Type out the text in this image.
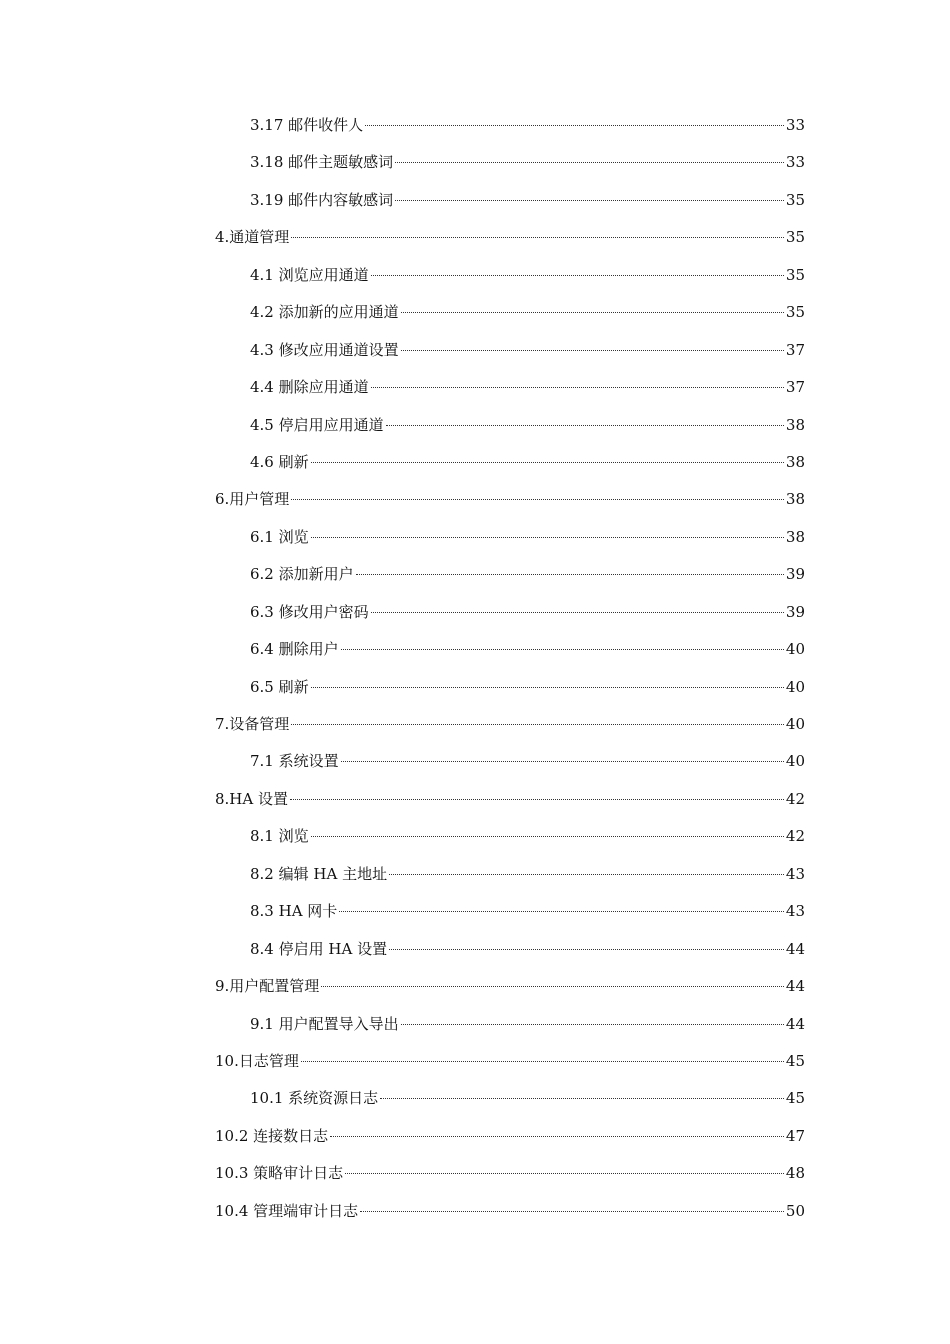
3.17 邮件收件人	33
3.18 邮件主题敏感词	33
3.19 邮件内容敏感词	35
4.通道管理	35
4.1 浏览应用通道	35
4.2 添加新的应用通道	35
4.3 修改应用通道设置	37
4.4 删除应用通道	37
4.5 停启用应用通道	38
4.6 刷新	38
6.用户管理	38
6.1 浏览	38
6.2 添加新用户	39
6.3 修改用户密码	39
6.4 删除用户	40
6.5 刷新	40
7.设备管理	40
7.1 系统设置	40
8.HA 设置	42
8.1 浏览	42
8.2 编辑 HA 主地址	43
8.3 HA 网卡	43
8.4 停启用 HA 设置	44
9.用户配置管理	44
9.1 用户配置导入导出	44
10.日志管理	45
10.1 系统资源日志	45
10.2 连接数日志	47
10.3 策略审计日志	48
10.4 管理端审计日志	50
